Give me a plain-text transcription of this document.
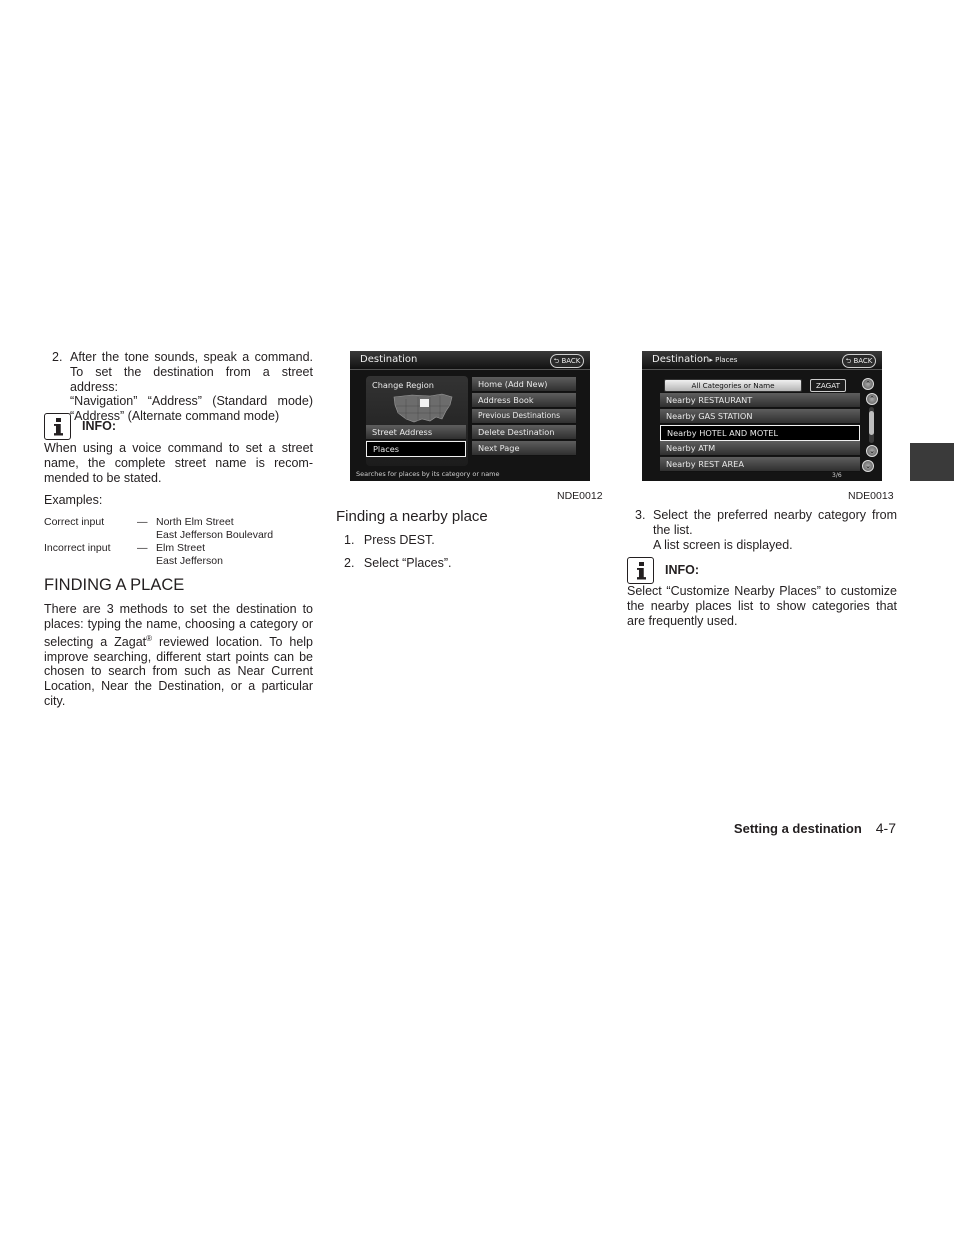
2. After the tone sounds, speak a command.
To set the destination from a street address:
“Navigation” “Address” (Standard mode)
“Address” (Alternate command mode)
INFO:

When using a voice command to set a street name, the complete street name is recom- mended to be stated.

Examples:
Correct input	— North Elm Street
East Jefferson Boulevard
Incorrect input	— Elm Street
East Jefferson
FINDING A PLACE

There are 3 methods to set the destination to places: typing the name, choosing a category or selecting a Zagat® reviewed location. To help improve searching, different start points can be chosen to search from such as Near Current Location, Near the Destination, or a particular city.

Destination	⮌ BACK
Change Region
Street Address
Places
Home (Add New)
Address Book
Previous Destinations
Delete Destination
Next Page
Searches for places by its category or name
NDE0012
Finding a nearby place
1. Press DEST.
2. Select “Places”.
Destination▸ Places	⮌ BACK
All Categories or Name	ZAGAT
Nearby RESTAURANT
Nearby GAS STATION
Nearby HOTEL AND MOTEL
Nearby ATM
Nearby REST AREA
⌃
⌃
⌄
⌄
3/6
NDE0013
3. Select the preferred nearby category from
the list.
A list screen is displayed.
INFO:

Select “Customize Nearby Places” to customize the nearby places list to show categories that are frequently used.

Setting a destination 4-7
